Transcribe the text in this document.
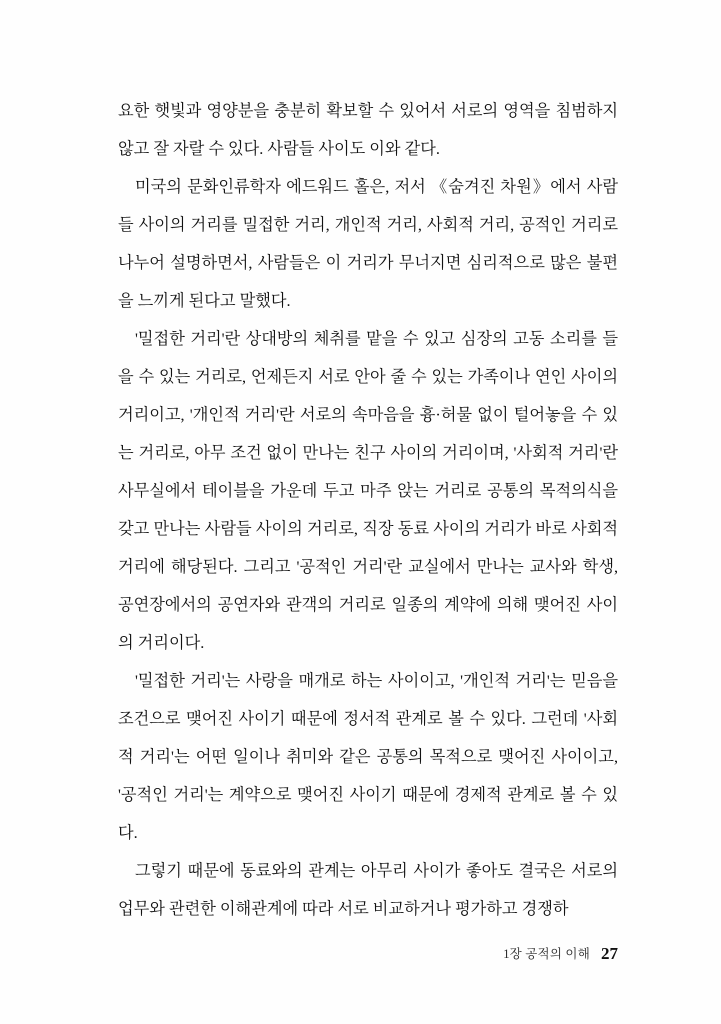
요한 햇빛과 영양분을 충분히 확보할 수 있어서 서로의 영역을 침범하지 않고 잘 자랄 수 있다. 사람들 사이도 이와 같다.

미국의 문화인류학자 에드워드 홀은, 저서 《숨겨진 차원》에서 사람들 사이의 거리를 밀접한 거리, 개인적 거리, 사회적 거리, 공적인 거리로 나누어 설명하면서, 사람들은 이 거리가 무너지면 심리적으로 많은 불편을 느끼게 된다고 말했다.

'밀접한 거리'란 상대방의 체취를 맡을 수 있고 심장의 고동 소리를 들을 수 있는 거리로, 언제든지 서로 안아 줄 수 있는 가족이나 연인 사이의 거리이고, '개인적 거리'란 서로의 속마음을 흉·허물 없이 털어놓을 수 있는 거리로, 아무 조건 없이 만나는 친구 사이의 거리이며, '사회적 거리'란 사무실에서 테이블을 가운데 두고 마주 앉는 거리로 공통의 목적의식을 갖고 만나는 사람들 사이의 거리로, 직장 동료 사이의 거리가 바로 사회적 거리에 해당된다. 그리고 '공적인 거리'란 교실에서 만나는 교사와 학생, 공연장에서의 공연자와 관객의 거리로 일종의 계약에 의해 맺어진 사이의 거리이다.

'밀접한 거리'는 사랑을 매개로 하는 사이이고, '개인적 거리'는 믿음을 조건으로 맺어진 사이기 때문에 정서적 관계로 볼 수 있다. 그런데 '사회적 거리'는 어떤 일이나 취미와 같은 공통의 목적으로 맺어진 사이이고, '공적인 거리'는 계약으로 맺어진 사이기 때문에 경제적 관계로 볼 수 있다.

그렇기 때문에 동료와의 관계는 아무리 사이가 좋아도 결국은 서로의 업무와 관련한 이해관계에 따라 서로 비교하거나 평가하고 경쟁하

1장 공적의 이해 27
